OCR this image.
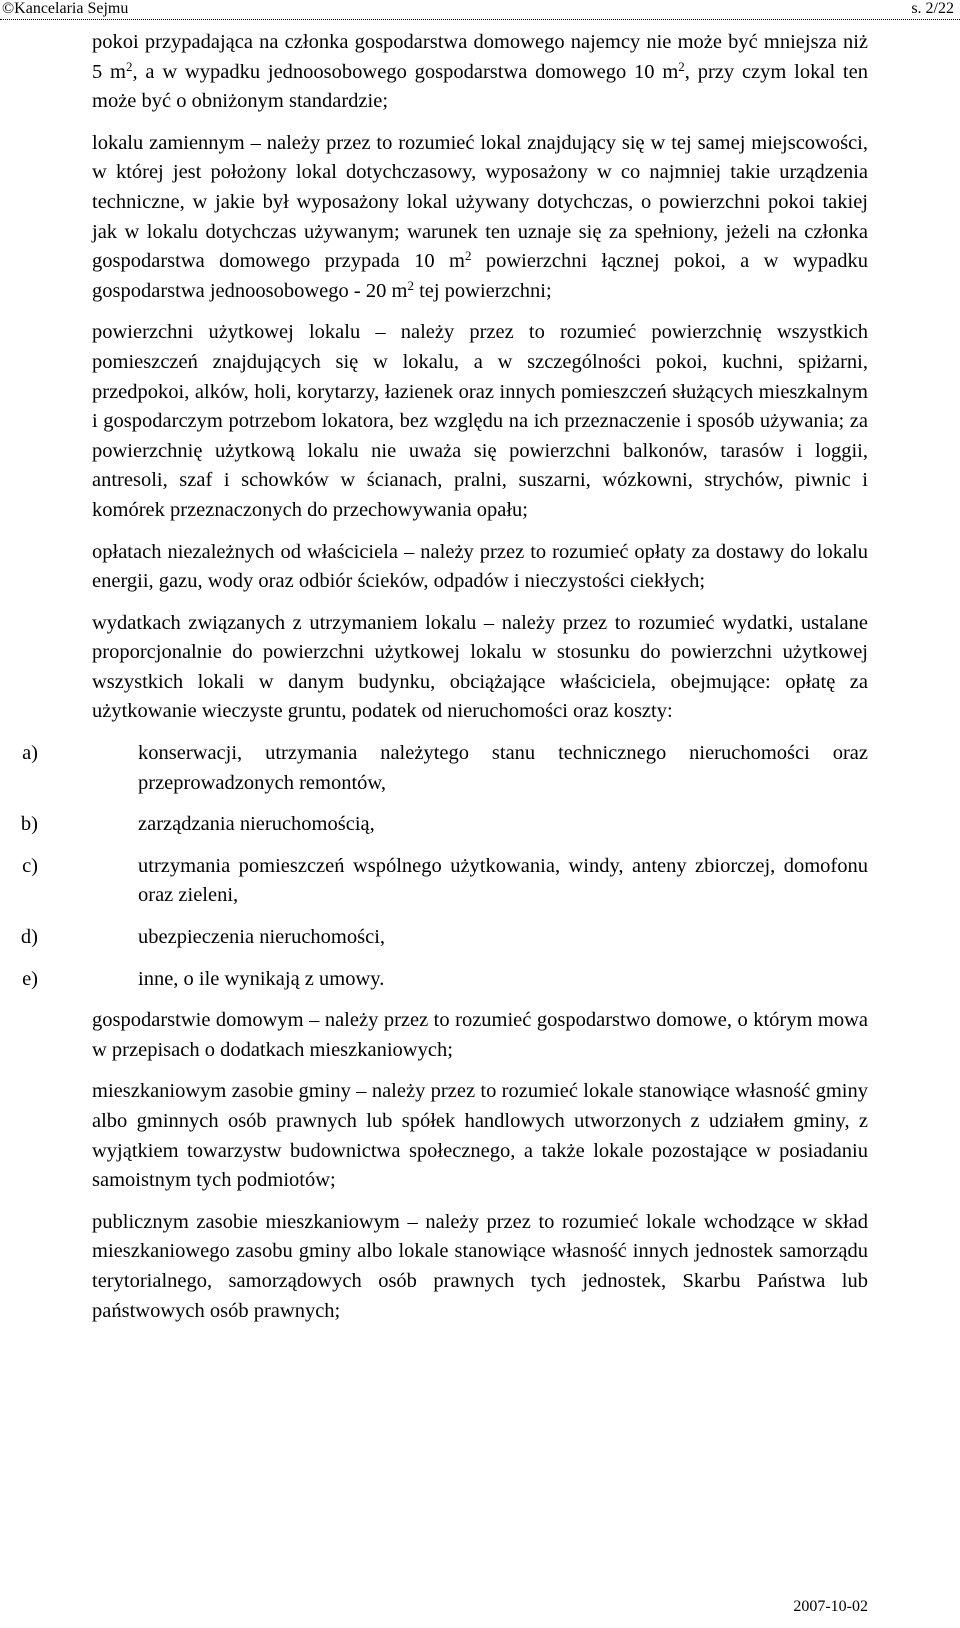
©Kancelaria Sejmu	s. 2/22
pokoi przypadająca na członka gospodarstwa domowego najemcy nie może być mniejsza niż 5 $m^2$, a w wypadku jednoosobowego gospodarstwa domowego 10 $m^2$, przy czym lokal ten może być o obniżonym standardzie;
lokalu zamiennym – należy przez to rozumieć lokal znajdujący się w tej samej miejscowości, w której jest położony lokal dotychczasowy, wyposażony w co najmniej takie urządzenia techniczne, w jakie był wyposażony lokal używany dotychczas, o powierzchni pokoi takiej jak w lokalu dotychczas używanym; warunek ten uznaje się za spełniony, jeżeli na członka gospodarstwa domowego przypada 10 $m^2$ powierzchni łącznej pokoi, a w wypadku gospodarstwa jednoosobowego - 20 $m^2$ tej powierzchni;
powierzchni użytkowej lokalu – należy przez to rozumieć powierzchnię wszystkich pomieszczeń znajdujących się w lokalu, a w szczególności pokoi, kuchni, spiżarni, przedpokoi, alków, holi, korytarzy, łazienek oraz innych pomieszczeń służących mieszkalnym i gospodarczym potrzebom lokatora, bez względu na ich przeznaczenie i sposób używania; za powierzchnię użytkową lokalu nie uważa się powierzchni balkonów, tarasów i loggii, antresoli, szaf i schowków w ścianach, pralni, suszarni, wózkowni, strychów, piwnic i komórek przeznaczonych do przechowywania opału;
opłatach niezależnych od właściciela – należy przez to rozumieć opłaty za dostawy do lokalu energii, gazu, wody oraz odbiór ścieków, odpadów i nieczystości ciekłych;
wydatkach związanych z utrzymaniem lokalu – należy przez to rozumieć wydatki, ustalane proporcjonalnie do powierzchni użytkowej lokalu w stosunku do powierzchni użytkowej wszystkich lokali w danym budynku, obciążające właściciela, obejmujące: opłatę za użytkowanie wieczyste gruntu, podatek od nieruchomości oraz koszty:
a)	konserwacji, utrzymania należytego stanu technicznego nieruchomości oraz przeprowadzonych remontów,
b)	zarządzania nieruchomością,
c)	utrzymania pomieszczeń wspólnego użytkowania, windy, anteny zbiorczej, domofonu oraz zieleni,
d)	ubezpieczenia nieruchomości,
e)	inne, o ile wynikają z umowy.
gospodarstwie domowym – należy przez to rozumieć gospodarstwo domowe, o którym mowa w przepisach o dodatkach mieszkaniowych;
mieszkaniowym zasobie gminy – należy przez to rozumieć lokale stanowiące własność gminy albo gminnych osób prawnych lub spółek handlowych utworzonych z udziałem gminy, z wyjątkiem towarzystw budownictwa społecznego, a także lokale pozostające w posiadaniu samoistnym tych podmiotów;
publicznym zasobie mieszkaniowym – należy przez to rozumieć lokale wchodzące w skład mieszkaniowego zasobu gminy albo lokale stanowiące własność innych jednostek samorządu terytorialnego, samorządowych osób prawnych tych jednostek, Skarbu Państwa lub państwowych osób prawnych;
2007-10-02
